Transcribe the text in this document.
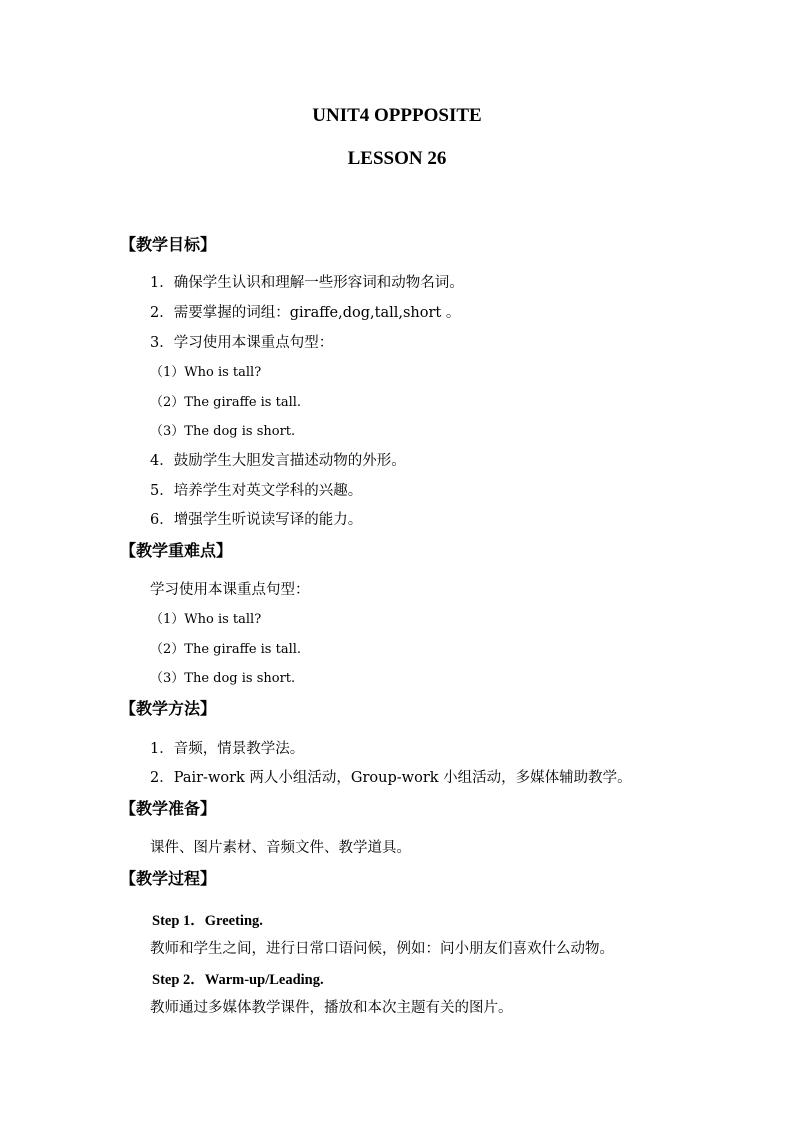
UNIT4 OPPPOSITE
LESSON 26
【教学目标】
1．确保学生认识和理解一些形容词和动物名词。
2．需要掌握的词组：giraffe,dog,tall,short 。
3．学习使用本课重点句型：
（1）Who is tall?
（2）The giraffe is tall.
（3）The dog is short.
4．鼓励学生大胆发言描述动物的外形。
5．培养学生对英文学科的兴趣。
6．增强学生听说读写译的能力。
【教学重难点】
学习使用本课重点句型：
（1）Who is tall?
（2）The giraffe is tall.
（3）The dog is short.
【教学方法】
1．音频，情景教学法。
2．Pair-work 两人小组活动，Group-work 小组活动，多媒体辅助教学。
【教学准备】
课件、图片素材、音频文件、教学道具。
【教学过程】
Step 1．Greeting.
教师和学生之间，进行日常口语问候，例如：问小朋友们喜欢什么动物。
Step 2．Warm-up/Leading.
教师通过多媒体教学课件，播放和本次主题有关的图片。
